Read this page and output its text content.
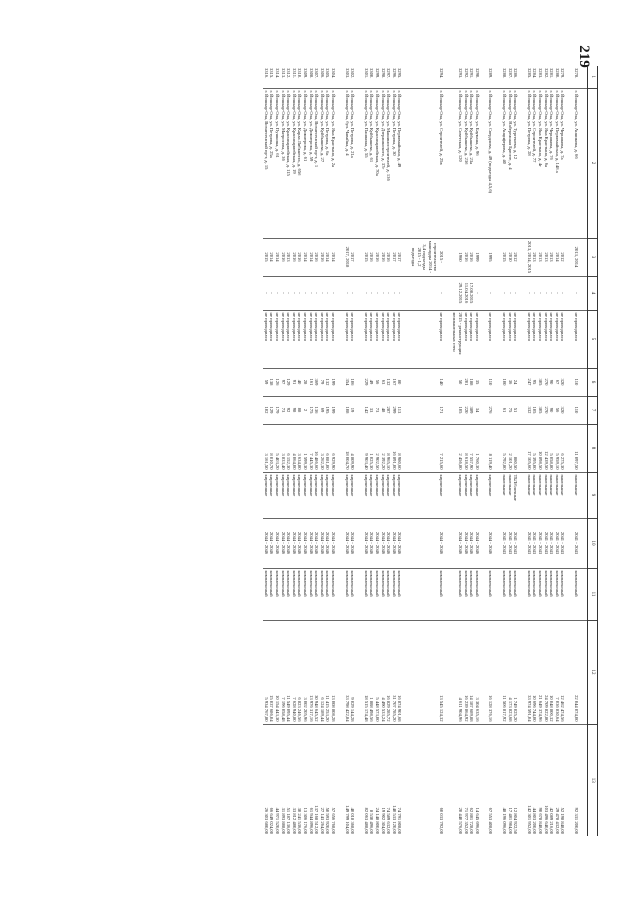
219
1	2	3	4	5	6	7	8	9	10	11	12	13

3278.	г. Йошкар-Ола, ул. Анникова, д. 66	2013, 2014	-	не проводился	110	110	11 097,50	панельные	2041 - 2043	комплексный	22 044 074,00	92 331 200,00

3279.	г. Йошкар-Ола, ул. Чернякова, д. 7а	2012	-	не проводился	320	320	6 275,30	панельные	2041 - 2043	комплексный	12 462 474,56	52 198 848,00
3280.	г. Йошкар-Ола, ул. Первомайская, д. 148 а	2014	-	не проводился	67	56	5 959,10	панельные	2041 - 2043	комплексный	7 036 830,64	29 478 432,00
3281.	г. Йошкар-Ола, ул. Чернякова, д. 7б	2013	-	не проводился	90	90	5 058,80	панельные	2041 - 2043	комплексный	10 048 800,32	42 089 216,00
3282.	г. Йошкар-Ола, ул. Яна Крастыня, д. 6а	2013	-	не проводился	270	270	12 439,50	панельные	2041 - 2043	комплексный	24 709 822,80	103 496 640,00
3283.	г. Йошкар-Ола, ул. Яна Крастыня, д. 4г	2013	-	не проводился	305	305	10 898,50	панельные	2041 - 2043	комплексный	21 649 374,96	90 678 848,00
3284.	г. Йошкар-Ола, ул. Строителей, д. 77	2013	-	не проводился	95	105	5 395,00	панельные	2041 - 2043	комплексный	10 696 744,00	44 803 200,00
3285.	г. Йошкар-Ола, ул. Петрова, д. 28	2013, 2014, 2015	-	не проводился	247	332	17 105,60	панельные	2041 - 2043	комплексный	33 974 591,04	142 301 952,00

3286.	г. Йошкар-Ола, ул. Тургенева, д. 12	2012	-	не проводился	24	51	880,50	ТБЛ/блочные	2041 - 2043	комплексный	1 749 025,20	12 804 922,50
3287.	г. Йошкар-Ола, Набережная Брюгге, д. 4	2010	-	не проводился	36	75	2 101,20	панельные	2041 - 2043	комплексный	4 173 823,68	17 481 984,00
3288.	г. Йошкар-Ола, ул. Анциферова, д. 40	2015	-	не проводился	100	61	5 792,80	панельные	2041 - 2043	комплексный	11 506 817,92	48 196 096,00

3289.	г. Йошкар-Ола, ул. Свердлова, д. 49 (подъезды 4,5,6)	1995	-	не проводился	110	276	8 119,40	кирпичные	2044 - 2046	комплексный	16 128 376,16	67 553 408,00

3290.	г. Йошкар-Ола, ул. Баумана, д. 96	1999	-	не проводился	35	34	1 760,30	кирпичные	2044 - 2046	комплексный	3 304 635,16	14 645 696,00
3291.	г. Йошкар-Ола, ул. Куйбышева, д. 23а	2016	17.08.2015	не проводился	188	389	7 557,90	кирпичные	2044 - 2046	комплексный	14 187 689,88	62 881 728,00
3292.	г. Йошкар-Ола, ул. Куйбышева, д. 23б	2016	11.04.2016	не проводился	201	220	8 618,50	кирпичные	2044 - 2046	комплексный	16 239 864,92	71 977 352,00
3293.	г. Йошкар-Ола, ул. Советская, д. 120	1960	29.12.2015	2015 - реконструкция межпанельных стен	50	105	2 456,80	кирпичные	2044 - 2046	комплексный	4 611 904,96	20 440 576,00

3294.	г. Йошкар-Ола, ул. Строителей, д. 25в	2015 - строительство мансарды 2014 - 3,4 подъезды 2015 - 1,2 подъезды	-	не проводился	140	171	7 215,60	кирпичные	2044 - 2046	комплексный	13 545 124,32	60 033 792,00

3295.	г. Йошкар-Ола, ул. Первомайская, д. 49	2017	-	не проводился	80	113	8 980,60	кирпичные	2044 - 2046	комплексный	16 874 901,68	74 791 808,00
3296.	г. Йошкар-Ола, ул. Петрова, д. 30	2017	-	не проводился	167	299	16 891,00	кирпичные	2044 - 2046	комплексный	31 707 785,20	140 533 120,00
3297.	г. Йошкар-Ола, ул. Машиностроителей, д. 136	2016	-	не проводился	132	287	8 965,10	кирпичные	2044 - 2046	комплексный	16 829 285,72	74 589 632,00
3298.	г. Йошкар-Ола, ул. Дзержинского, д. 37г	2016	-	не проводился	63	48	2 392,20	кирпичные	2044 - 2046	комплексный	4 490 533,24	19 902 304,00
3299.	г. Йошкар-Ола, ул. Красноармейская, д. 70а	2016	-	не проводился	56	73	2 902,50	кирпичные	2044 - 2046	комплексный	5 448 573,00	24 148 800,00
3300.	г. Йошкар-Ола, ул. Куйбышева, д. 61	2016	-	не проводился	49	33	1 025,30	кирпичные	2044 - 2046	комплексный	1 888 498,56	8 530 496,00
3301.	г. Йошкар-Ола, ул. Пашкина, д. 55	2015	-	не проводился	229	142	9 903,40	кирпичные	2044 - 2046	комплексный	18 515 174,48	82 063 488,00

3302.	г. Йошкар-Ола, ул. Петрова, д. 21а	2017	-	не проводился	106	19	4 809,90	кирпичные	2044 - 2046	комплексный	9 029 144,28	40 018 368,00
3303.	г. Йошкар-Ола, бул. Чавайна, д. 4	2017, 2018	-	не проводился	354	108	18 004,70	кирпичные	2044 - 2046	комплексный	33 798 422,84	149 799 104,00

3304.	г. Йошкар-Ола, ул. Яна Крастыня, д. 2а	2014	-	не проводился	199	199	6 929,90	кирпичные	2044 - 2046	комплексный	13 008 808,28	57 656 768,00
3305.	г. Йошкар-Ола, ул. Петрова, д. 6а	2014	-	не проводился	132	195	6 081,00	кирпичные	2044 - 2046	комплексный	11 415 253,20	50 593 920,00
3306.	г. Йошкар-Ола, ул. Куйбышева, д. 27	2016	-	не проводился	79	69	3 262,30	кирпичные	2044 - 2046	комплексный	6 124 189,44	27 143 264,00
3307.	г. Йошкар-Ола, Вознесенский пр-т, д. 1	2016	-	не проводился	369	136	16 486,60	кирпичные	2044 - 2046	комплексный	30 948 645,52	137 168 512,00
3308.	г. Йошкар-Ола, ул. Димитрова, д. 59	2014	-	не проводился	161	175	7 445,30	кирпичные	2044 - 2046	комплексный	13 976 317,16	61 944 896,00
3309.	г. Йошкар-Ола, ул. Димитрова, д. 61	2014	-	не проводился	28	2	1 599,30	кирпичные	2044 - 2046	комплексный	3 002 205,96	13 306 176,00
3310.	г. Йошкар-Ола, ул. Карла Либкнехта, д. 65б	2016	-	не проводился	40	88	3 634,80	кирпичные	2044 - 2046	комплексный	6 823 246,56	30 241 536,00
3311.	г. Йошкар-Ола, ул. Красноармейская, д. 19	2016	-	не проводился	91	98	4 064,00	кирпичные	2044 - 2046	комплексный	7 628 940,80	33 812 480,00
3312.	г. Йошкар-Ола, ул. Красноармейская, д. 115	2013	-	не проводился	129	92	6 152,30	кирпичные	2044 - 2046	комплексный	11 549 095,44	51 187 136,00
3313.	г. Йошкар-Ола, ул. Матросова, д. 36	2016	-	не проводился	97	73	3 833,40	кирпичные	2044 - 2046	комплексный	7 196 058,48	31 893 888,00
3314.	г. Йошкар-Ола, ул. Пушкина, д. 61	2014	-	не проводился	126	179	5 403,20	кирпичные	2044 - 2046	комплексный	10 154 443,30	44 971 520,00
3315.	г. Йошкар-Ола, ул. Петрова, д. 25а	2014	-	не проводился	138	129	8 010,70	кирпичные	2044 - 2046	комплексный	15 037 686,04	66 649 024,00
3316.	г. Йошкар-Ола, Вознесенский пр-т, д. 15	2015	-	не проводился	59	102	3 161,50	кирпичные	2044 - 2046	комплексный	5 934 767,80	26 303 680,00
